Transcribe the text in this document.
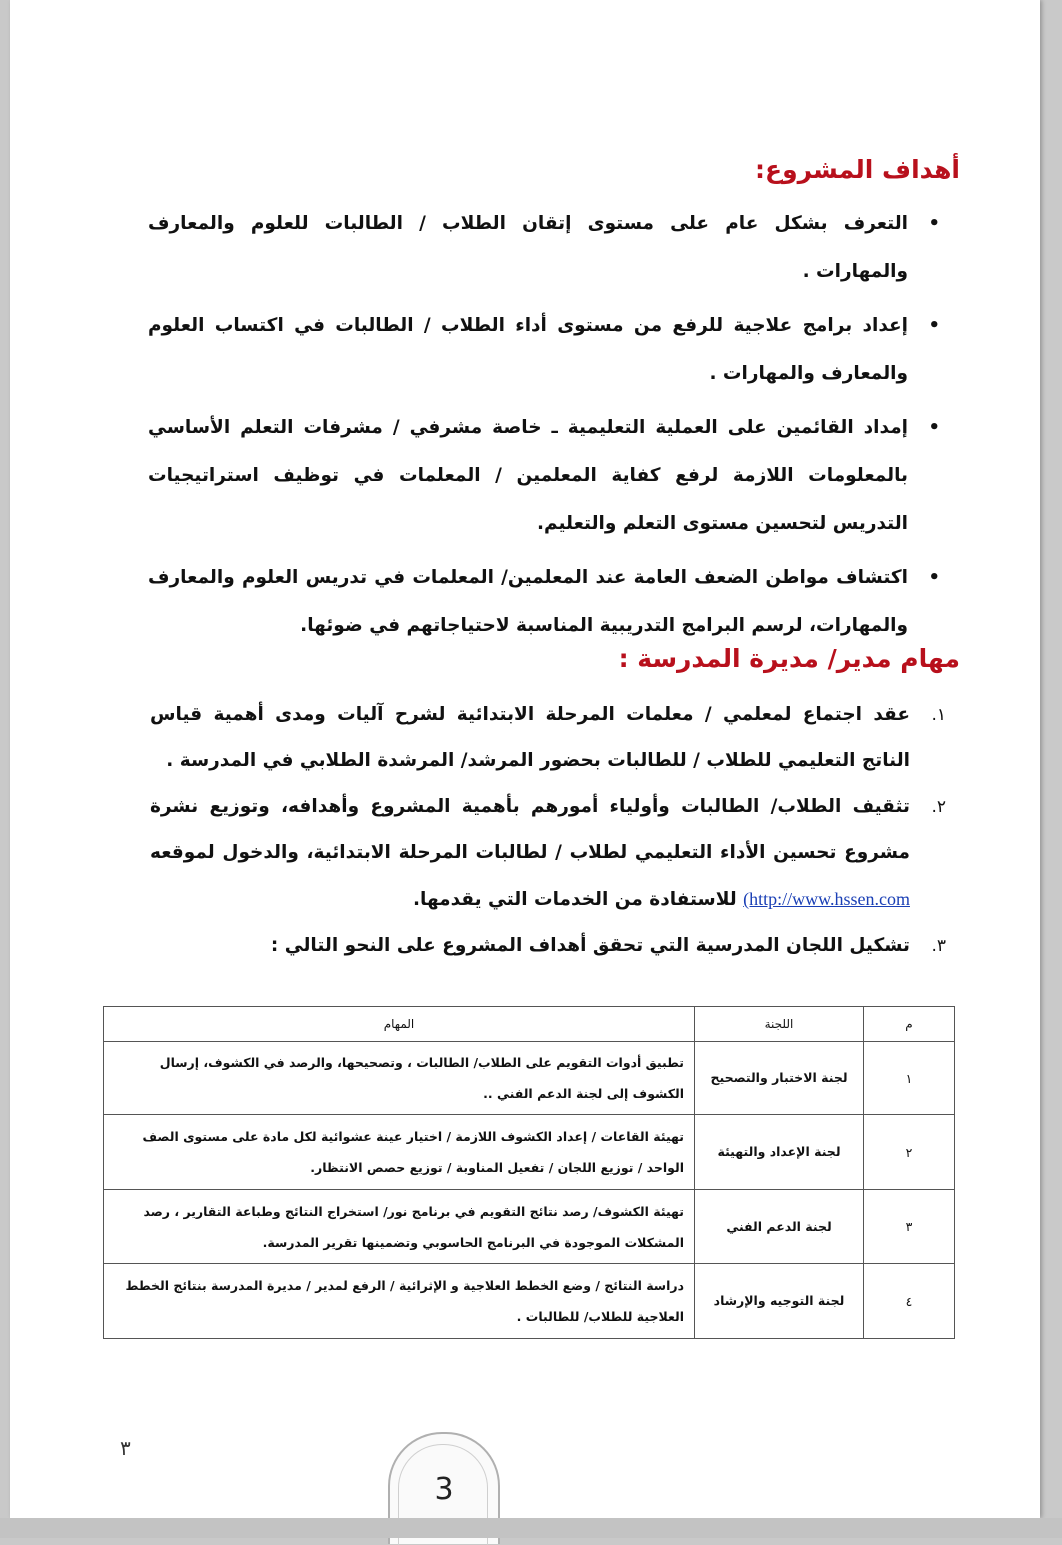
أهداف المشروع:
• التعرف بشكل عام على مستوى إتقان الطلاب / الطالبات للعلوم والمعارف والمهارات .
• إعداد برامج علاجية للرفع من مستوى أداء الطلاب / الطالبات في اكتساب العلوم والمعارف والمهارات .
• إمداد القائمين على العملية التعليمية ـ خاصة مشرفي / مشرفات التعلم الأساسي بالمعلومات اللازمة لرفع كفاية المعلمين / المعلمات في توظيف استراتيجيات التدريس لتحسين مستوى التعلم والتعليم.
• اكتشاف مواطن الضعف العامة عند المعلمين/ المعلمات في تدريس العلوم والمعارف والمهارات، لرسم البرامج التدريبية المناسبة لاحتياجاتهم في ضوئها.
مهام مدير/ مديرة المدرسة :
١.
عقد اجتماع لمعلمي / معلمات المرحلة الابتدائية لشرح آليات ومدى أهمية قياس الناتج التعليمي للطلاب / للطالبات بحضور المرشد/ المرشدة الطلابي في المدرسة .
٢.
تثقيف الطلاب/ الطالبات وأولياء أمورهم بأهمية المشروع وأهدافه، وتوزيع نشرة مشروع تحسين الأداء التعليمي لطلاب / لطالبات المرحلة الابتدائية، والدخول لموقعه (http://www.hssen.com للاستفادة من الخدمات التي يقدمها.
٣.
تشكيل اللجان المدرسية التي تحقق أهداف المشروع على النحو التالي :
م	اللجنة	المهام
١	لجنة الاختبار والتصحيح	تطبيق أدوات التقويم على الطلاب/ الطالبات ، وتصحيحها، والرصد في الكشوف، إرسال الكشوف إلى لجنة الدعم الفني ..
٢	لجنة الإعداد والتهيئة	تهيئة القاعات / إعداد الكشوف اللازمة / اختيار عينة عشوائية لكل مادة على مستوى الصف الواحد / توزيع اللجان / تفعيل المناوبة / توزيع حصص الانتظار.
٣	لجنة الدعم الفني	تهيئة الكشوف/ رصد نتائج التقويم في برنامج نور/ استخراج النتائج وطباعة التقارير ، رصد المشكلات الموجودة في البرنامج الحاسوبي وتضمينها تقرير المدرسة.
٤	لجنة التوجيه والإرشاد	دراسة النتائج / وضع الخطط العلاجية و الإثرائية / الرفع لمدير / مديرة المدرسة بنتائج الخطط العلاجية للطلاب/ للطالبات .
٣
3
